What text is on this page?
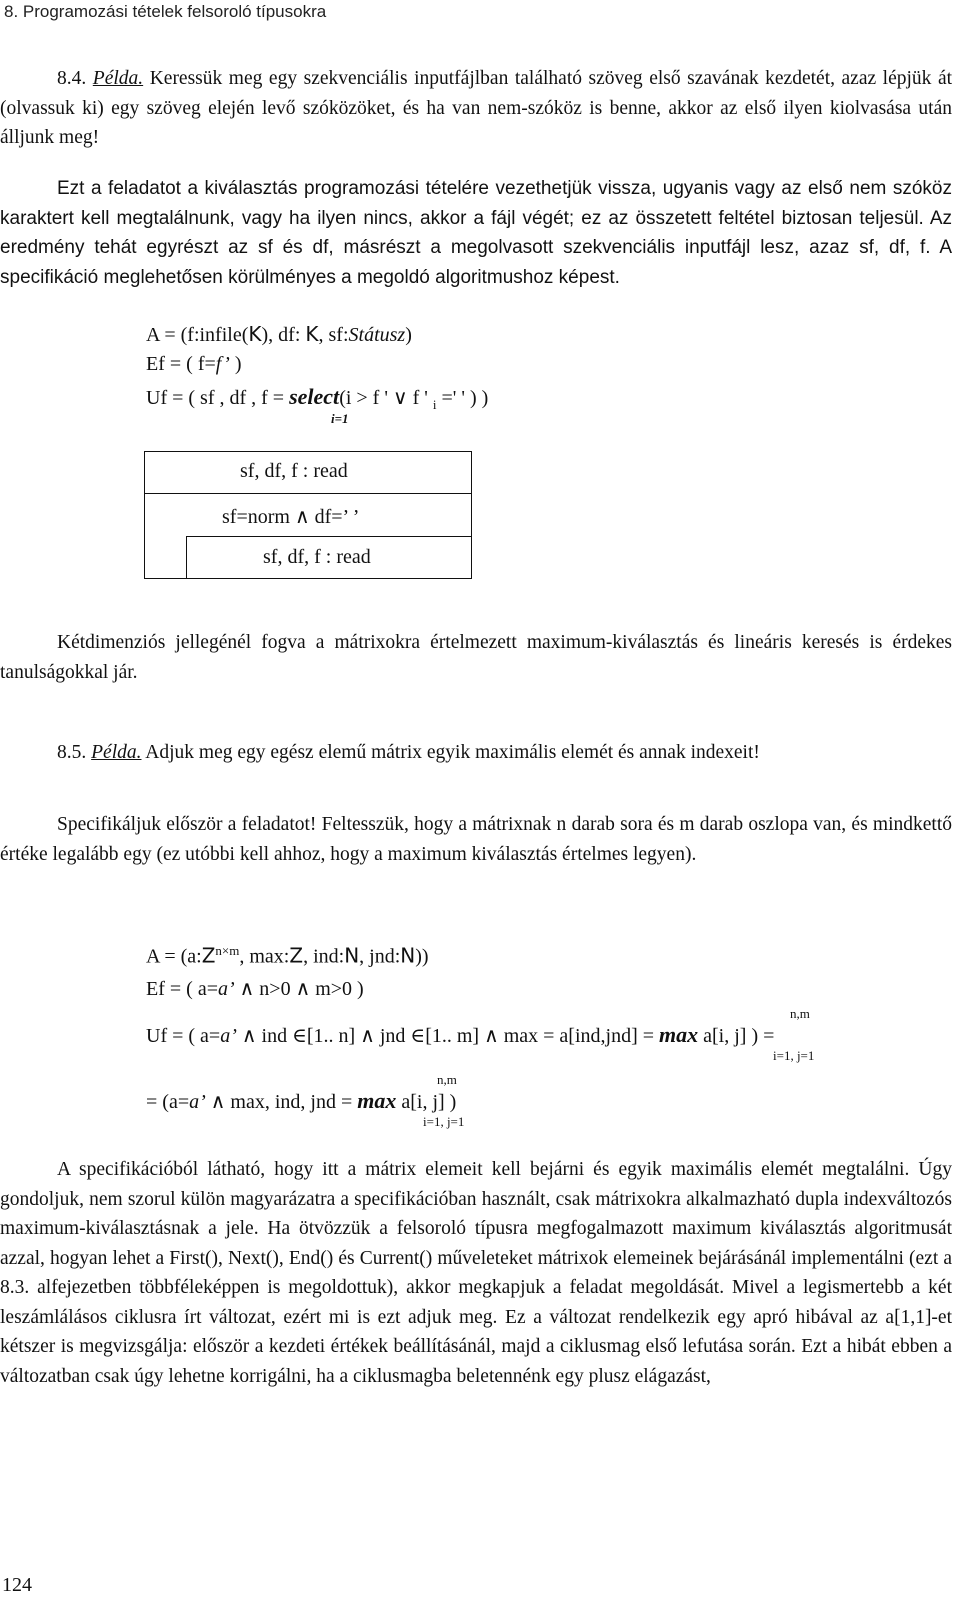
8. Programozási tételek felsoroló típusokra
8.4. Példa. Keressük meg egy szekvenciális inputfájlban található szöveg első szavának kezdetét, azaz lépjük át (olvassuk ki) egy szöveg elején levő szóközöket, és ha van nem-szóköz is benne, akkor az első ilyen kiolvasása után álljunk meg!
Ezt a feladatot a kiválasztás programozási tételére vezethetjük vissza, ugyanis vagy az első nem szóköz karaktert kell megtalálnunk, vagy ha ilyen nincs, akkor a fájl végét; ez az összetett feltétel biztosan teljesül. Az eredmény tehát egyrészt az sf és df, másrészt a megolvasott szekvenciális inputfájl lesz, azaz sf, df, f. A specifikáció meglehetősen körülményes a megoldó algoritmushoz képest.
A = (f:infile(K), df: K, sf:Státusz)
Ef = ( f=f’ )
Uf = ( sf , df , f = select(i > f ' ∨ f ' $_i$ =' ' ) )
i=1
sf, df, f : read
sf=norm ∧ df=’ ’
sf, df, f : read
Kétdimenziós jellegénél fogva a mátrixokra értelmezett maximum-kiválasztás és lineáris keresés is érdekes tanulságokkal jár.
8.5. Példa. Adjuk meg egy egész elemű mátrix egyik maximális elemét és annak indexeit!
Specifikáljuk először a feladatot! Feltesszük, hogy a mátrixnak n darab sora és m darab oszlopa van, és mindkettő értéke legalább egy (ez utóbbi kell ahhoz, hogy a maximum kiválasztás értelmes legyen).
$A = (a:Z^{n\times m}$, max:Z, ind:N, jnd:N))
Ef = ( a=a’ ∧ n>0 ∧ m>0 )
n,m
Uf = ( a=a’ ∧ ind ∈[1.. n] ∧ jnd ∈[1.. m] ∧ max = a[ind,jnd] = max a[i, j] ) =
i=1, j=1
n,m
= (a=a’ ∧ max, ind, jnd = max a[i, j] )
i=1, j=1
A specifikációból látható, hogy itt a mátrix elemeit kell bejárni és egyik maximális elemét megtalálni. Úgy gondoljuk, nem szorul külön magyarázatra a specifikációban használt, csak mátrixokra alkalmazható dupla indexváltozós maximum-kiválasztásnak a jele. Ha ötvözzük a felsoroló típusra megfogalmazott maximum kiválasztás algoritmusát azzal, hogyan lehet a First(), Next(), End() és Current() műveleteket mátrixok elemeinek bejárásánál implementálni (ezt a 8.3. alfejezetben többféleképpen is megoldottuk), akkor megkapjuk a feladat megoldását. Mivel a legismertebb a két leszámlálásos ciklusra írt változat, ezért mi is ezt adjuk meg. Ez a változat rendelkezik egy apró hibával az a[1,1]-et kétszer is megvizsgálja: először a kezdeti értékek beállításánál, majd a ciklusmag első lefutása során. Ezt a hibát ebben a változatban csak úgy lehetne korrigálni, ha a ciklusmagba beletennénk egy plusz elágazást,
124
